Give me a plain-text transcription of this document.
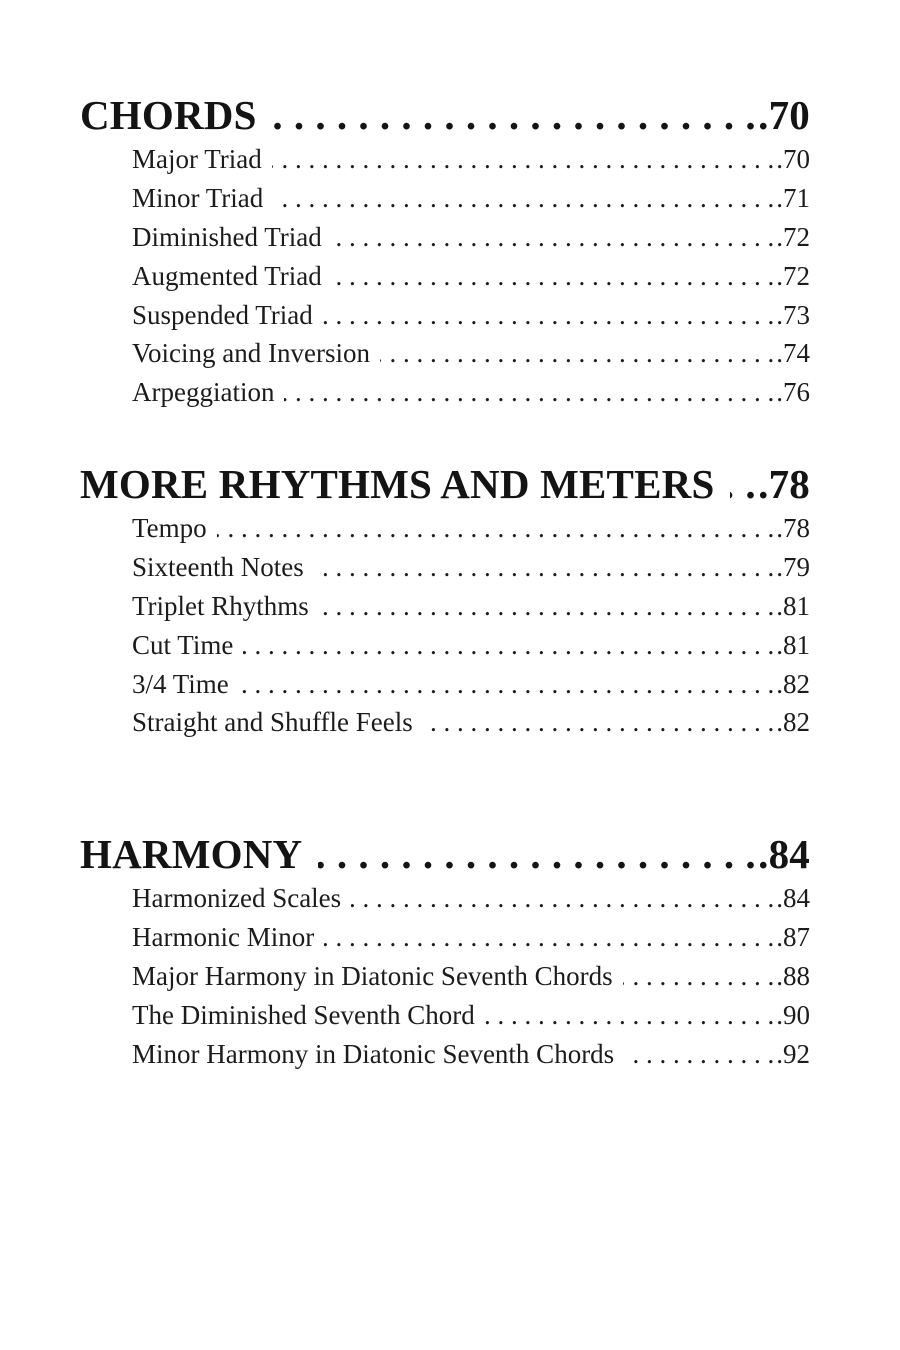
CHORDS . . .	.70
Major Triad . . .	.70
Minor Triad . . .	.71
Diminished Triad . . .	.72
Augmented Triad . . .	.72
Suspended Triad . . .	.73
Voicing and Inversion . . .	.74
Arpeggiation . . .	.76
MORE RHYTHMS AND METERS . . . .78
Tempo . . .	.78
Sixteenth Notes . . .	.79
Triplet Rhythms . . .	.81
Cut Time . . .	.81
3/4 Time . . .	.82
Straight and Shuffle Feels . . .	.82
HARMONY . . .	.84
Harmonized Scales . . .	.84
Harmonic Minor . . .	.87
Major Harmony in Diatonic Seventh Chords . . .	.88
The Diminished Seventh Chord . . .	.90
Minor Harmony in Diatonic Seventh Chords . . .	.92
